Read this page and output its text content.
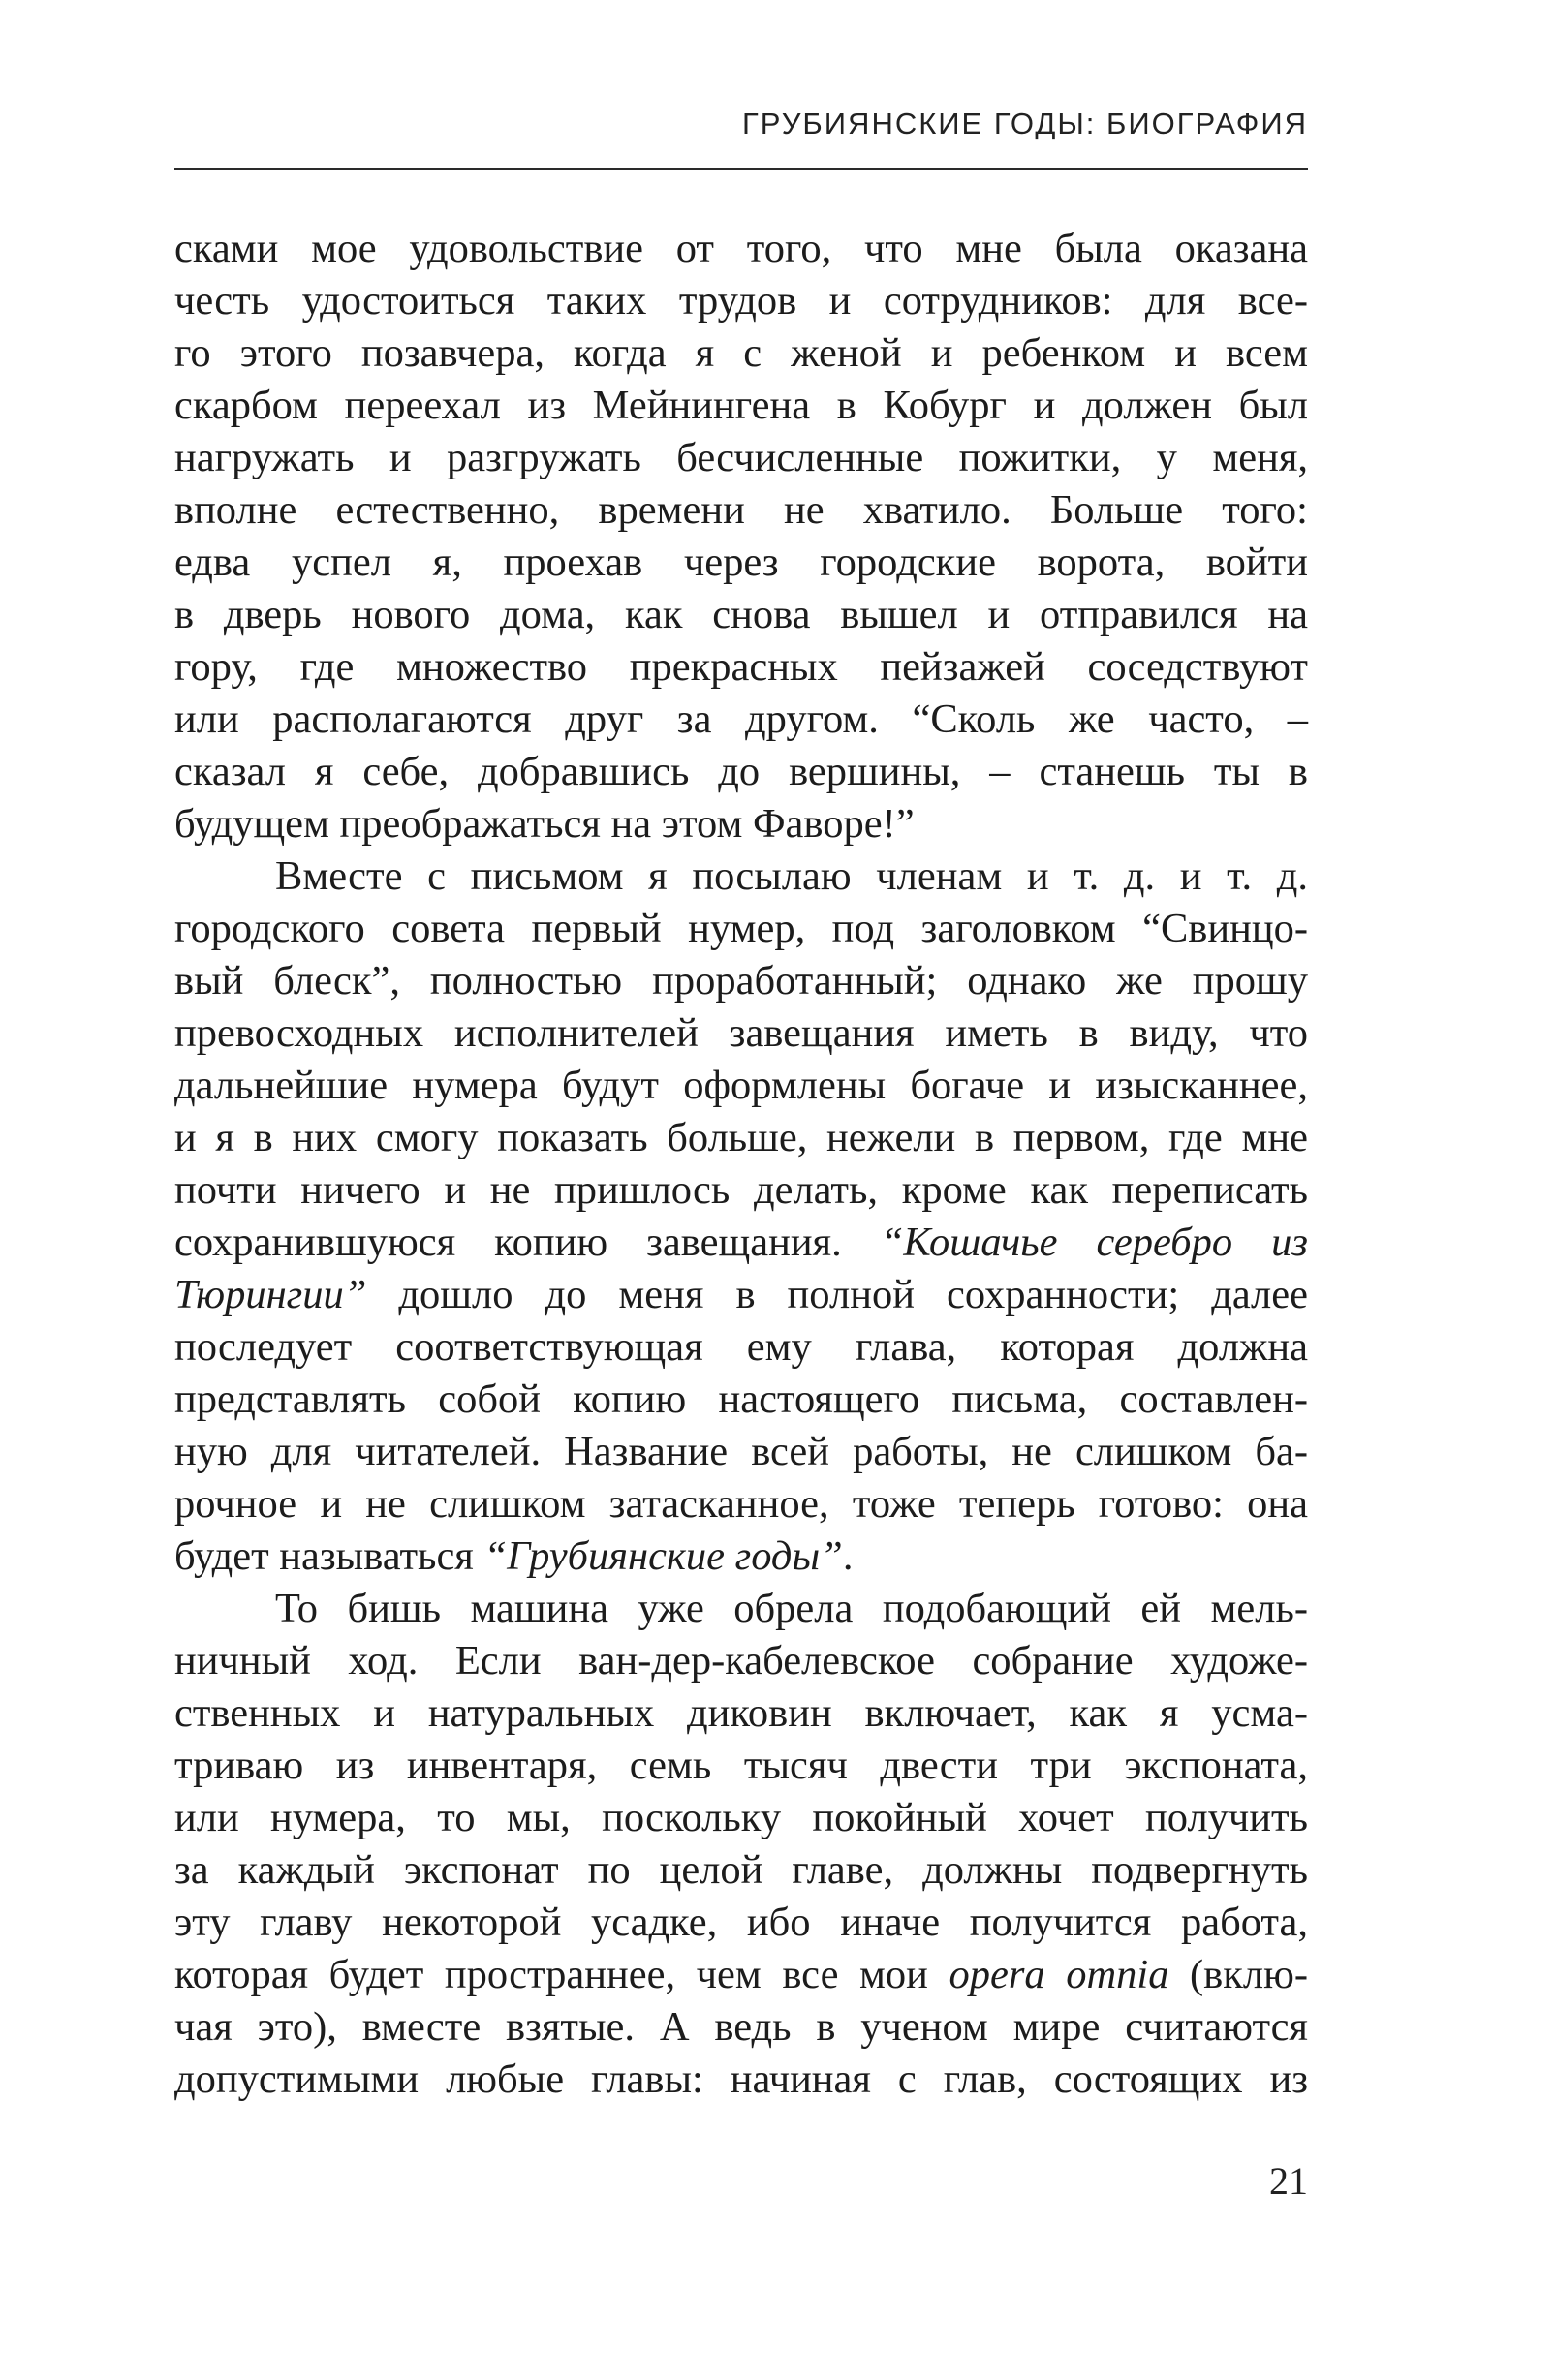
ГРУБИЯНСКИЕ ГОДЫ: БИОГРАФИЯ
сками мое удовольствие от того, что мне была оказана
честь удостоиться таких трудов и сотрудников: для все-
го этого позавчера, когда я с женой и ребенком и всем
скарбом переехал из Мейнингена в Кобург и должен был
нагружать и разгружать бесчисленные пожитки, у меня,
вполне естественно, времени не хватило. Больше того:
едва успел я, проехав через городские ворота, войти
в дверь нового дома, как снова вышел и отправился на
гору, где множество прекрасных пейзажей соседствуют
или располагаются друг за другом. “Сколь же часто, –
сказал я себе, добравшись до вершины, – станешь ты в
будущем преображаться на этом Фаворе!”
Вместе с письмом я посылаю членам и т. д. и т. д.
городского совета первый нумер, под заголовком “Свинцо-
вый блеск”, полностью проработанный; однако же прошу
превосходных исполнителей завещания иметь в виду, что
дальнейшие нумера будут оформлены богаче и изысканнее,
и я в них смогу показать больше, нежели в первом, где мне
почти ничего и не пришлось делать, кроме как переписать
сохранившуюся копию завещания. “Кошачье серебро из
Тюрингии” дошло до меня в полной сохранности; далее
последует соответствующая ему глава, которая должна
представлять собой копию настоящего письма, составлен-
ную для читателей. Название всей работы, не слишком ба-
рочное и не слишком затасканное, тоже теперь готово: она
будет называться “Грубиянские годы”.
То бишь машина уже обрела подобающий ей мель-
ничный ход. Если ван-дер-кабелевское собрание художе-
ственных и натуральных диковин включает, как я усма-
триваю из инвентаря, семь тысяч двести три экспоната,
или нумера, то мы, поскольку покойный хочет получить
за каждый экспонат по целой главе, должны подвергнуть
эту главу некоторой усадке, ибо иначе получится работа,
которая будет пространнее, чем все мои opera omnia (вклю-
чая это), вместе взятые. А ведь в ученом мире считаются
допустимыми любые главы: начиная с глав, состоящих из
21
